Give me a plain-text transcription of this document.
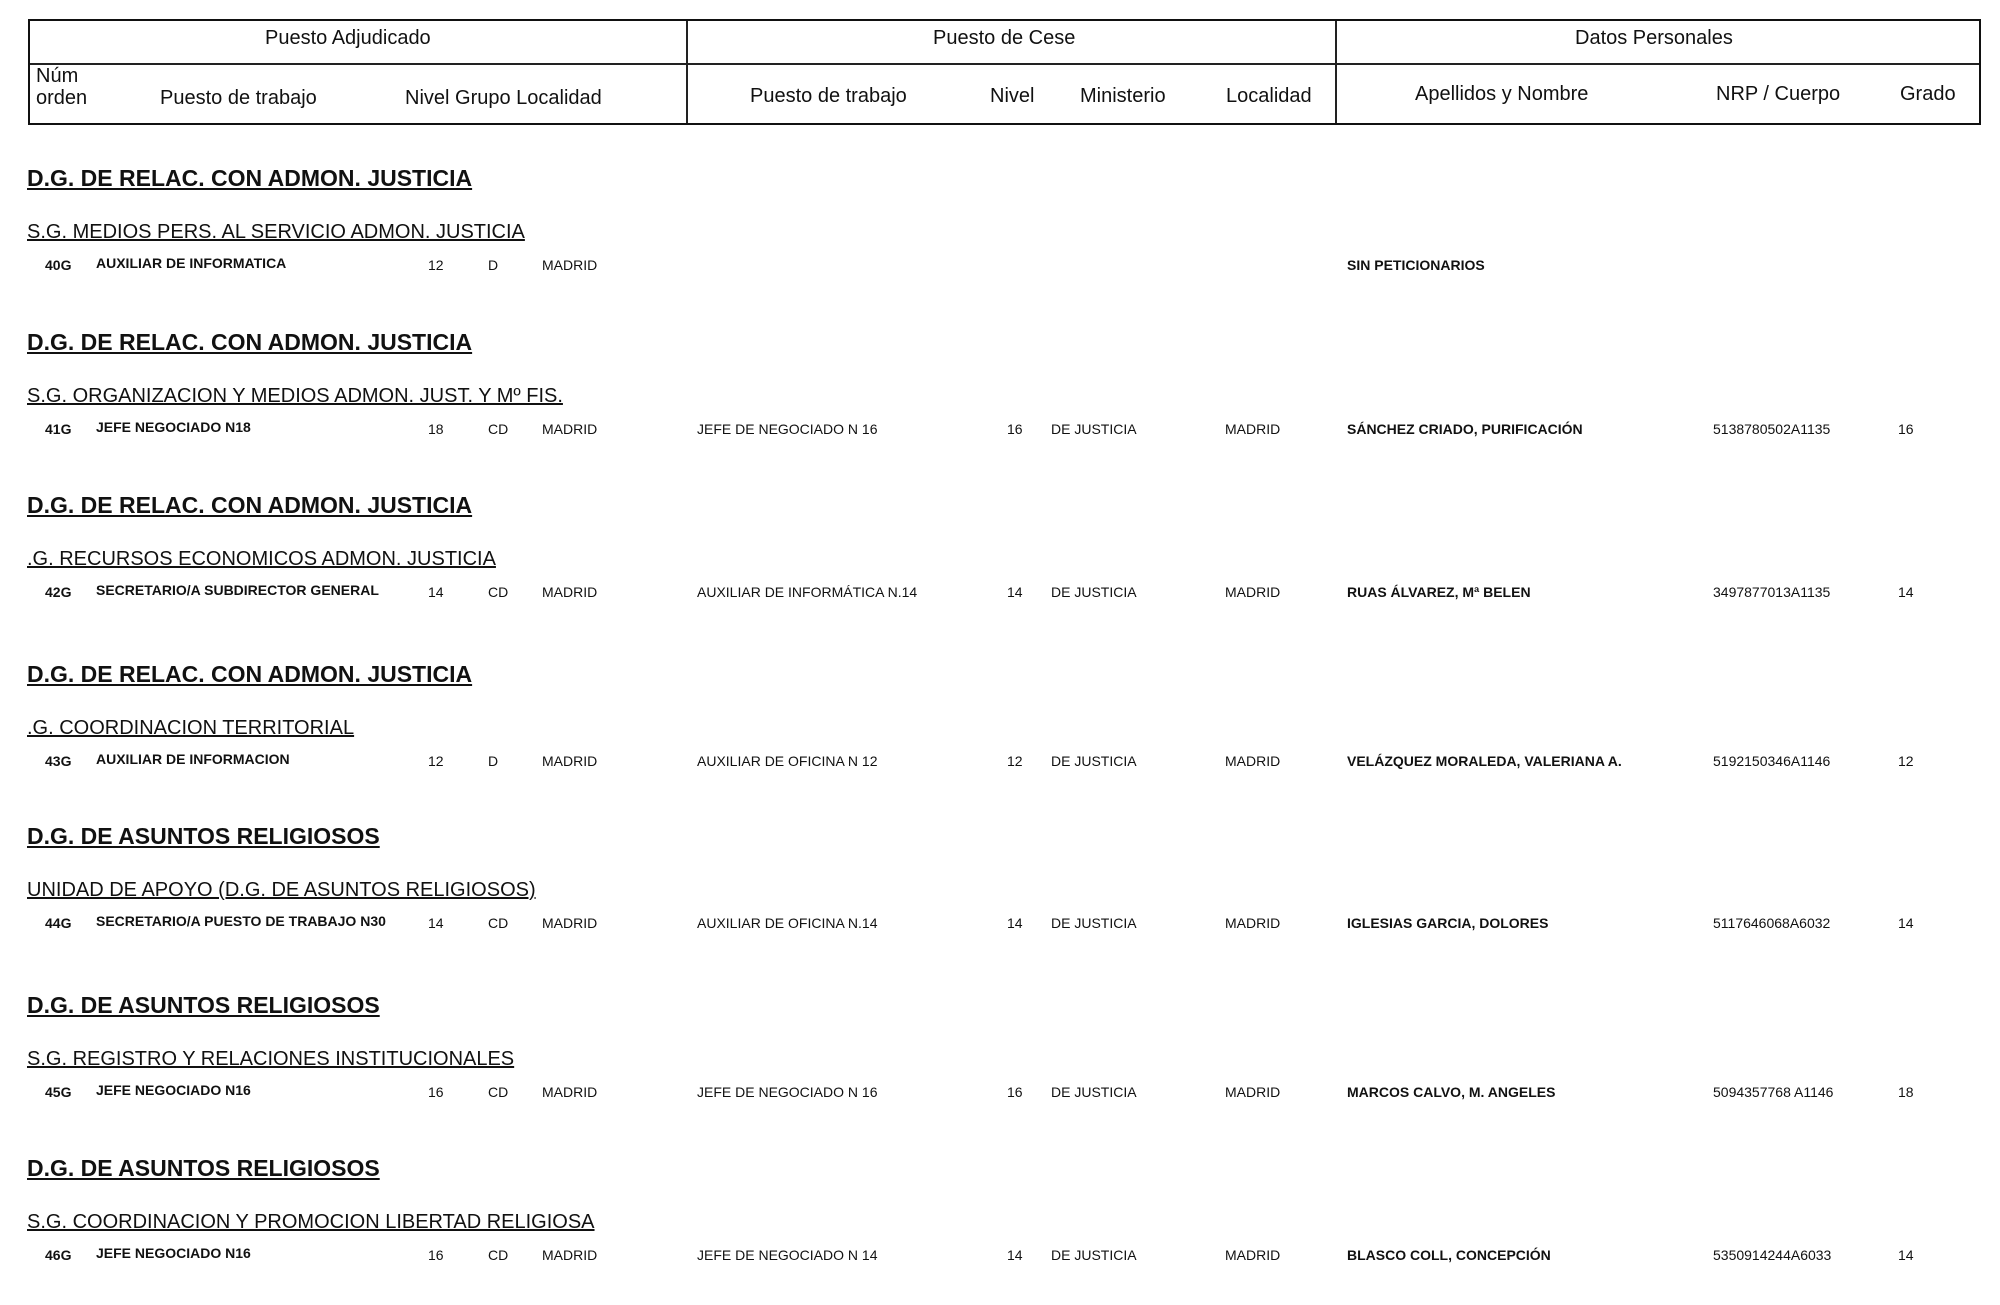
Puesto Adjudicado	Puesto de Cese	Datos Personales
Núm
orden	Puesto de trabajo	Nivel Grupo Localidad	Puesto de trabajo	Nivel Ministerio	Localidad	Apellidos y Nombre	NRP / Cuerpo	Grado
D.G. DE RELAC. CON ADMON. JUSTICIA
S.G. MEDIOS PERS. AL SERVICIO ADMON. JUSTICIA
40G AUXILIAR DE INFORMATICA	12	D	MADRID	SIN PETICIONARIOS
D.G. DE RELAC. CON ADMON. JUSTICIA
S.G. ORGANIZACION Y MEDIOS ADMON. JUST. Y Mº FIS.
41G JEFE NEGOCIADO N18	18	CD MADRID	JEFE DE NEGOCIADO N 16	16 DE JUSTICIA	MADRID	SÁNCHEZ CRIADO, PURIFICACIÓN	5138780502A1135	16
D.G. DE RELAC. CON ADMON. JUSTICIA
.G. RECURSOS ECONOMICOS ADMON. JUSTICIA
42G SECRETARIO/A SUBDIRECTOR GENERAL	14	CD MADRID	AUXILIAR DE INFORMÁTICA N.14	14 DE JUSTICIA	MADRID	RUAS ÁLVAREZ, Mª BELEN	3497877013A1135	14
D.G. DE RELAC. CON ADMON. JUSTICIA
.G. COORDINACION TERRITORIAL
43G AUXILIAR DE INFORMACION	12	D	MADRID	AUXILIAR DE OFICINA N 12	12 DE JUSTICIA	MADRID	VELÁZQUEZ MORALEDA, VALERIANA A.	5192150346A1146	12
D.G. DE ASUNTOS RELIGIOSOS
UNIDAD DE APOYO (D.G. DE ASUNTOS RELIGIOSOS)
44G SECRETARIO/A PUESTO DE TRABAJO N30	14	CD MADRID	AUXILIAR DE OFICINA N.14	14 DE JUSTICIA	MADRID	IGLESIAS GARCIA, DOLORES	5117646068A6032	14
D.G. DE ASUNTOS RELIGIOSOS
S.G. REGISTRO Y RELACIONES INSTITUCIONALES
45G JEFE NEGOCIADO N16	16	CD MADRID	JEFE DE NEGOCIADO N 16	16 DE JUSTICIA	MADRID	MARCOS CALVO, M. ANGELES	5094357768 A1146	18
D.G. DE ASUNTOS RELIGIOSOS
S.G. COORDINACION Y PROMOCION LIBERTAD RELIGIOSA
46G JEFE NEGOCIADO N16	16	CD MADRID	JEFE DE NEGOCIADO N 14	14 DE JUSTICIA	MADRID	BLASCO COLL, CONCEPCIÓN	5350914244A6033	14
